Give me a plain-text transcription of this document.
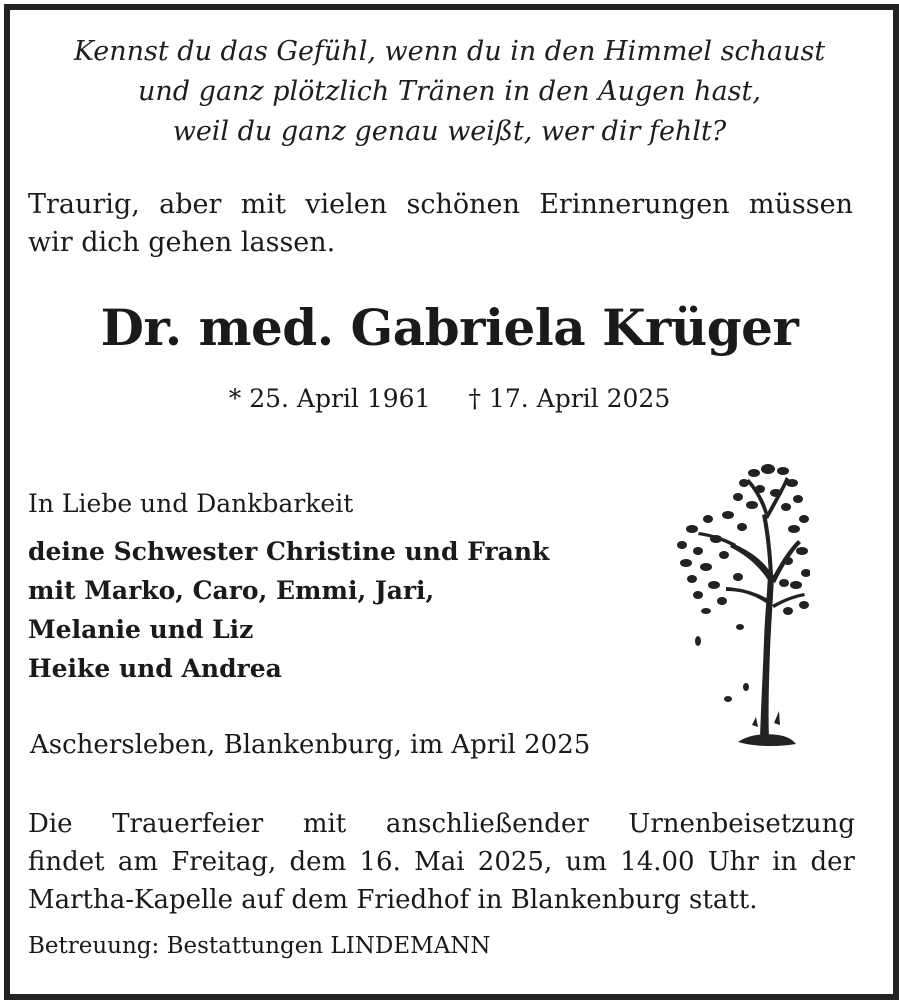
Kennst du das Gefühl, wenn du in den Himmel schaust
und ganz plötzlich Tränen in den Augen hast,
weil du ganz genau weißt, wer dir fehlt?
Traurig, aber mit vielen schönen Erinnerungen müssen
wir dich gehen lassen.
Dr. med. Gabriela Krüger
* 25. April 1961 † 17. April 2025
In Liebe und Dankbarkeit
deine Schwester Christine und Frank
mit Marko, Caro, Emmi, Jari,
Melanie und Liz
Heike und Andrea
Aschersleben, Blankenburg, im April 2025
Die Trauerfeier mit anschließender Urnenbeisetzung
findet am Freitag, dem 16. Mai 2025, um 14.00 Uhr in der
Martha-Kapelle auf dem Friedhof in Blankenburg statt.
Betreuung: Bestattungen LINDEMANN
